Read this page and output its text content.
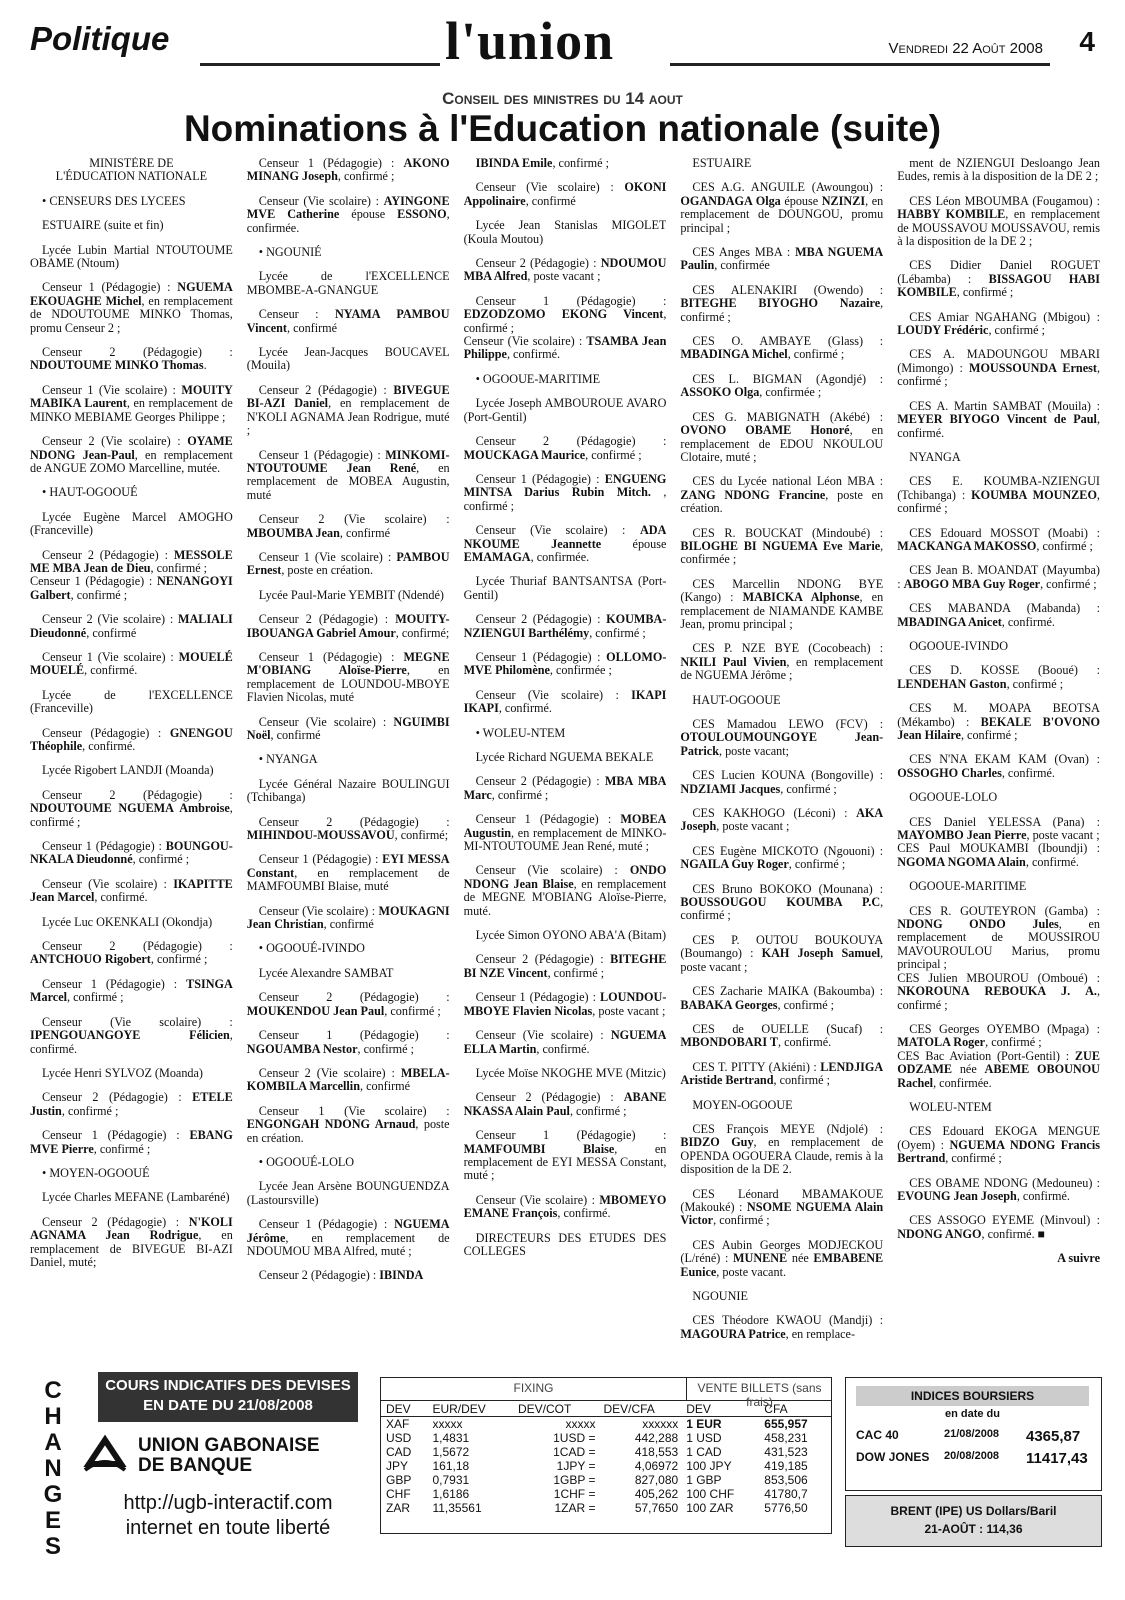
Politique	l'union	Vendredi 22 Août 2008 4
Conseil des ministres du 14 aout
Nominations à l'Education nationale (suite)

MINISTÈRE DE
L'ÉDUCATION NATIONALE

• CENSEURS DES LYCEES

ESTUAIRE (suite et fin)

Lycée Lubin Martial NTOUTOUME OBAME (Ntoum)

Censeur 1 (Pédagogie) : NGUEMA EKOUAGHE Michel, en remplacement de NDOUTOUME MINKO Thomas, promu Censeur 2 ;

Censeur 2 (Pédagogie) : NDOUTOUME MINKO Thomas.

Censeur 1 (Vie scolaire) : MOUITY MABIKA Laurent, en remplacement de MINKO MEBIAME Georges Philippe ;

Censeur 2 (Vie scolaire) : OYAME NDONG Jean-Paul, en remplacement de ANGUE ZOMO Marcelline, mutée.

• HAUT-OGOOUÉ

Lycée Eugène Marcel AMOGHO (Franceville)

Censeur 2 (Pédagogie) : MESSOLE ME MBA Jean de Dieu, confirmé ;
Censeur 1 (Pédagogie) : NENANGOYI Galbert, confirmé ;

Censeur 2 (Vie scolaire) : MALIALI Dieudonné, confirmé

Censeur 1 (Vie scolaire) : MOUELÉ MOUELÉ, confirmé.

Lycée de l'EXCELLENCE (Franceville)

Censeur (Pédagogie) : GNENGOU Théophile, confirmé.

Lycée Rigobert LANDJI (Moanda)

Censeur 2 (Pédagogie) : NDOUTOUME NGUEMA Ambroise, confirmé ;

Censeur 1 (Pédagogie) : BOUNGOU-NKALA Dieudonné, confirmé ;

Censeur (Vie scolaire) : IKAPITTE Jean Marcel, confirmé.

Lycée Luc OKENKALI (Okondja)

Censeur 2 (Pédagogie) : ANTCHOUO Rigobert, confirmé ;

Censeur 1 (Pédagogie) : TSINGA Marcel, confirmé ;

Censeur (Vie scolaire) : IPENGOUANGOYE Félicien, confirmé.

Lycée Henri SYLVOZ (Moanda)

Censeur 2 (Pédagogie) : ETELE Justin, confirmé ;

Censeur 1 (Pédagogie) : EBANG MVE Pierre, confirmé ;

• MOYEN-OGOOUÉ

Lycée Charles MEFANE (Lambaréné)

Censeur 2 (Pédagogie) : N'KOLI AGNAMA Jean Rodrigue, en remplacement de BIVEGUE BI-AZI Daniel, muté;

Censeur 1 (Pédagogie) : AKONO MINANG Joseph, confirmé ;

Censeur (Vie scolaire) : AYINGONE MVE Catherine épouse ESSONO, confirmée.

• NGOUNIÉ

Lycée de l'EXCELLENCE MBOMBE-A-GNANGUE

Censeur : NYAMA PAMBOU Vincent, confirmé

Lycée Jean-Jacques BOUCAVEL (Mouila)

Censeur 2 (Pédagogie) : BIVEGUE BI-AZI Daniel, en remplacement de N'KOLI AGNAMA Jean Rodrigue, muté ;

Censeur 1 (Pédagogie) : MINKOMI-NTOUTOUME Jean René, en remplacement de MOBEA Augustin, muté

Censeur 2 (Vie scolaire) : MBOUMBA Jean, confirmé

Censeur 1 (Vie scolaire) : PAMBOU Ernest, poste en création.

Lycée Paul-Marie YEMBIT (Ndendé)

Censeur 2 (Pédagogie) : MOUITY-IBOUANGA Gabriel Amour, confirmé;

Censeur 1 (Pédagogie) : MEGNE M'OBIANG Aloïse-Pierre, en remplacement de LOUNDOU-MBOYE Flavien Nicolas, muté

Censeur (Vie scolaire) : NGUIMBI Noël, confirmé

• NYANGA

Lycée Général Nazaire BOULINGUI (Tchibanga)

Censeur 2 (Pédagogie) : MIHINDOU-MOUSSAVOU, confirmé;

Censeur 1 (Pédagogie) : EYI MESSA Constant, en remplacement de MAMFOUMBI Blaise, muté

Censeur (Vie scolaire) : MOUKAGNI Jean Christian, confirmé

• OGOOUÉ-IVINDO

Lycée Alexandre SAMBAT

Censeur 2 (Pédagogie) : MOUKENDOU Jean Paul, confirmé ;

Censeur 1 (Pédagogie) : NGOUAMBA Nestor, confirmé ;

Censeur 2 (Vie scolaire) : MBELA-KOMBILA Marcellin, confirmé

Censeur 1 (Vie scolaire) : ENGONGAH NDONG Arnaud, poste en création.

• OGOOUÉ-LOLO

Lycée Jean Arsène BOUNGUENDZA (Lastoursville)

Censeur 1 (Pédagogie) : NGUEMA Jérôme, en remplacement de NDOUMOU MBA Alfred, muté ;

Censeur 2 (Pédagogie) : IBINDA

IBINDA Emile, confirmé ;

Censeur (Vie scolaire) : OKONI Appolinaire, confirmé

Lycée Jean Stanislas MIGOLET (Koula Moutou)

Censeur 2 (Pédagogie) : NDOUMOU MBA Alfred, poste vacant ;

Censeur 1 (Pédagogie) : EDZODZOMO EKONG Vincent, confirmé ;
Censeur (Vie scolaire) : TSAMBA Jean Philippe, confirmé.

• OGOOUE-MARITIME

Lycée Joseph AMBOUROUE AVARO (Port-Gentil)

Censeur 2 (Pédagogie) : MOUCKAGA Maurice, confirmé ;

Censeur 1 (Pédagogie) : ENGUENG MINTSA Darius Rubin Mitch. , confirmé ;

Censeur (Vie scolaire) : ADA NKOUME Jeannette épouse EMAMAGA, confirmée.

Lycée Thuriaf BANTSANTSA (Port-Gentil)

Censeur 2 (Pédagogie) : KOUMBA-NZIENGUI Barthélémy, confirmé ;

Censeur 1 (Pédagogie) : OLLOMO-MVE Philomène, confirmée ;

Censeur (Vie scolaire) : IKAPI IKAPI, confirmé.

• WOLEU-NTEM

Lycée Richard NGUEMA BEKALE

Censeur 2 (Pédagogie) : MBA MBA Marc, confirmé ;

Censeur 1 (Pédagogie) : MOBEA Augustin, en remplacement de MINKO-MI-NTOUTOUME Jean René, muté ;

Censeur (Vie scolaire) : ONDO NDONG Jean Blaise, en remplacement de MEGNE M'OBIANG Aloïse-Pierre, muté.

Lycée Simon OYONO ABA'A (Bitam)

Censeur 2 (Pédagogie) : BITEGHE BI NZE Vincent, confirmé ;

Censeur 1 (Pédagogie) : LOUNDOU-MBOYE Flavien Nicolas, poste vacant ;

Censeur (Vie scolaire) : NGUEMA ELLA Martin, confirmé.

Lycée Moïse NKOGHE MVE (Mitzic)

Censeur 2 (Pédagogie) : ABANE NKASSA Alain Paul, confirmé ;

Censeur 1 (Pédagogie) : MAMFOUMBI Blaise, en remplacement de EYI MESSA Constant, muté ;

Censeur (Vie scolaire) : MBOMEYO EMANE François, confirmé.

DIRECTEURS DES ETUDES DES COLLEGES

ESTUAIRE

CES A.G. ANGUILE (Awoungou) : OGANDAGA Olga épouse NZINZI, en remplacement de DOUNGOU, promu principal ;

CES Anges MBA : MBA NGUEMA Paulin, confirmée

CES ALENAKIRI (Owendo) : BITEGHE BIYOGHO Nazaire, confirmé ;

CES O. AMBAYE (Glass) : MBADINGA Michel, confirmé ;

CES L. BIGMAN (Agondjé) : ASSOKO Olga, confirmée ;

CES G. MABIGNATH (Akébé) : OVONO OBAME Honoré, en remplacement de EDOU NKOULOU Clotaire, muté ;

CES du Lycée national Léon MBA : ZANG NDONG Francine, poste en création.

CES R. BOUCKAT (Mindoubé) : BILOGHE BI NGUEMA Eve Marie, confirmée ;

CES Marcellin NDONG BYE (Kango) : MABICKA Alphonse, en remplacement de NIAMANDE KAMBE Jean, promu principal ;

CES P. NZE BYE (Cocobeach) : NKILI Paul Vivien, en remplacement de NGUEMA Jérôme ;

HAUT-OGOOUE

CES Mamadou LEWO (FCV) : OTOULOUMOUNGOYE Jean-Patrick, poste vacant;

CES Lucien KOUNA (Bongoville) : NDZIAMI Jacques, confirmé ;

CES KAKHOGO (Léconi) : AKA Joseph, poste vacant ;

CES Eugène MICKOTO (Ngouoni) : NGAILA Guy Roger, confirmé ;

CES Bruno BOKOKO (Mounana) : BOUSSOUGOU KOUMBA P.C, confirmé ;

CES P. OUTOU BOUKOUYA (Boumango) : KAH Joseph Samuel, poste vacant ;

CES Zacharie MAIKA (Bakoumba) : BABAKA Georges, confirmé ;

CES de OUELLE (Sucaf) : MBONDOBARI T, confirmé.

CES T. PITTY (Akiéni) : LENDJIGA Aristide Bertrand, confirmé ;

MOYEN-OGOOUE

CES François MEYE (Ndjolé) : BIDZO Guy, en remplacement de OPENDA OGOUERA Claude, remis à la disposition de la DE 2.

CES Léonard MBAMAKOUE (Makouké) : NSOME NGUEMA Alain Victor, confirmé ;

CES Aubin Georges MODJECKOU (L/réné) : MUNENE née EMBABENE Eunice, poste vacant.

NGOUNIE

CES Théodore KWAOU (Mandji) : MAGOURA Patrice, en remplace-

ment de NZIENGUI Desloango Jean Eudes, remis à la disposition de la DE 2 ;

CES Léon MBOUMBA (Fougamou) : HABBY KOMBILE, en remplacement de MOUSSAVOU MOUSSAVOU, remis à la disposition de la DE 2 ;

CES Didier Daniel ROGUET (Lébamba) : BISSAGOU HABI KOMBILE, confirmé ;

CES Amiar NGAHANG (Mbigou) : LOUDY Frédéric, confirmé ;

CES A. MADOUNGOU MBARI (Mimongo) : MOUSSOUNDA Ernest, confirmé ;

CES A. Martin SAMBAT (Mouila) : MEYER BIYOGO Vincent de Paul, confirmé.

NYANGA

CES E. KOUMBA-NZIENGUI (Tchibanga) : KOUMBA MOUNZEO, confirmé ;

CES Edouard MOSSOT (Moabi) : MACKANGA MAKOSSO, confirmé ;

CES Jean B. MOANDAT (Mayumba) : ABOGO MBA Guy Roger, confirmé ;

CES MABANDA (Mabanda) : MBADINGA Anicet, confirmé.

OGOOUE-IVINDO

CES D. KOSSE (Booué) : LENDEHAN Gaston, confirmé ;

CES M. MOAPA BEOTSA (Mékambo) : BEKALE B'OVONO Jean Hilaire, confirmé ;

CES N'NA EKAM KAM (Ovan) : OSSOGHO Charles, confirmé.

OGOOUE-LOLO

CES Daniel YELESSA (Pana) : MAYOMBO Jean Pierre, poste vacant ;
CES Paul MOUKAMBI (Iboundji) : NGOMA NGOMA Alain, confirmé.

OGOOUE-MARITIME

CES R. GOUTEYRON (Gamba) : NDONG ONDO Jules, en remplacement de MOUSSIROU MAVOUROULOU Marius, promu principal ;
CES Julien MBOUROU (Omboué) : NKOROUNA REBOUKA J. A., confirmé ;

CES Georges OYEMBO (Mpaga) : MATOLA Roger, confirmé ;
CES Bac Aviation (Port-Gentil) : ZUE ODZAME née ABEME OBOUNOU Rachel, confirmée.

WOLEU-NTEM

CES Edouard EKOGA MENGUE (Oyem) : NGUEMA NDONG Francis Bertrand, confirmé ;

CES OBAME NDONG (Medouneu) : EVOUNG Jean Joseph, confirmé.

CES ASSOGO EYEME (Minvoul) : NDONG ANGO, confirmé. ■

A suivre

C
H
A
N
G
E
S
COURS INDICATIFS DES DEVISES
EN DATE DU 21/08/2008
UNION GABONAISE
DE BANQUE
http://ugb-interactif.com
internet en toute liberté
FIXING	VENTE BILLETS (sans frais)
DEV	EUR/DEV	DEV/COT	DEV/CFA	DEV	CFA
XAF	xxxxx	xxxxx	xxxxxx	1 EUR	655,957
USD	1,4831	1USD =	442,288	1 USD	458,231
CAD	1,5672	1CAD =	418,553	1 CAD	431,523
JPY	161,18	1JPY =	4,06972	100 JPY	419,185
GBP	0,7931	1GBP =	827,080	1 GBP	853,506
CHF	1,6186	1CHF =	405,262	100 CHF	41780,7
ZAR	11,35561	1ZAR =	57,7650	100 ZAR	5776,50
INDICES BOURSIERS
en date du
CAC 40	21/08/2008 4365,87
DOW JONES 20/08/2008 11417,43
BRENT (IPE) US Dollars/Baril
21-AOÛT : 114,36
